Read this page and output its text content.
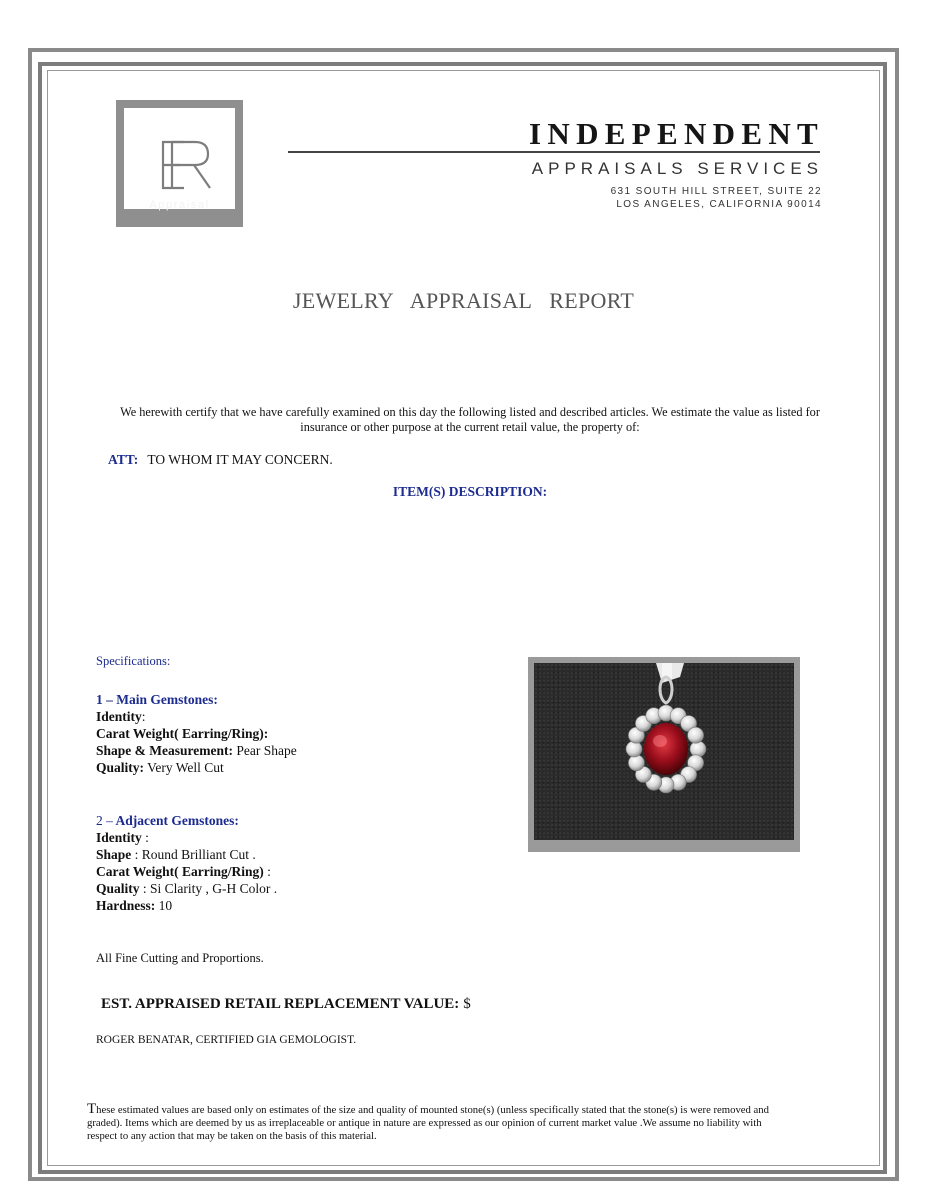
Appraisal
INDEPENDENT
APPRAISALS SERVICES
631 SOUTH HILL STREET, SUITE 22
LOS ANGELES, CALIFORNIA 90014
JEWELRY APPRAISAL REPORT
We herewith certify that we have carefully examined on this day the following listed and described articles. We estimate the value as listed for insurance or other purpose at the current retail value, the property of:
ATT: TO WHOM IT MAY CONCERN.
ITEM(S) DESCRIPTION:
Specifications:
1 – Main Gemstones:
Identity:
Carat Weight( Earring/Ring):
Shape & Measurement: Pear Shape
Quality: Very Well Cut
2 – Adjacent Gemstones:
Identity :
Shape : Round Brilliant Cut .
Carat Weight( Earring/Ring) :
Quality : Si Clarity , G-H Color .
Hardness: 10
All Fine Cutting and Proportions.
EST. APPRAISED RETAIL REPLACEMENT VALUE: $
ROGER BENATAR, CERTIFIED GIA GEMOLOGIST.
These estimated values are based only on estimates of the size and quality of mounted stone(s) (unless specifically stated that the stone(s) is were removed and graded). Items which are deemed by us as irreplaceable or antique in nature are expressed as our opinion of current market value .We assume no liability with respect to any action that may be taken on the basis of this material.
